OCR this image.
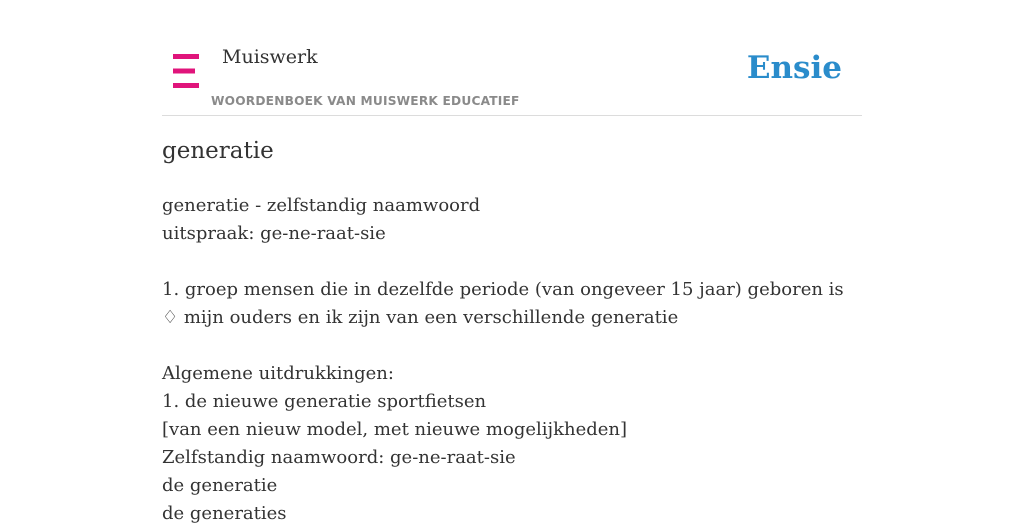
Muiswerk
WOORDENBOEK VAN MUISWERK EDUCATIEF
Ensie
generatie
generatie - zelfstandig naamwoord
uitspraak: ge-ne-raat-sie
1. groep mensen die in dezelfde periode (van ongeveer 15 jaar) geboren is
♢ mijn ouders en ik zijn van een verschillende generatie
Algemene uitdrukkingen:
1. de nieuwe generatie sportfietsen
[van een nieuw model, met nieuwe mogelijkheden]
Zelfstandig naamwoord: ge-ne-raat-sie
de generatie
de generaties
